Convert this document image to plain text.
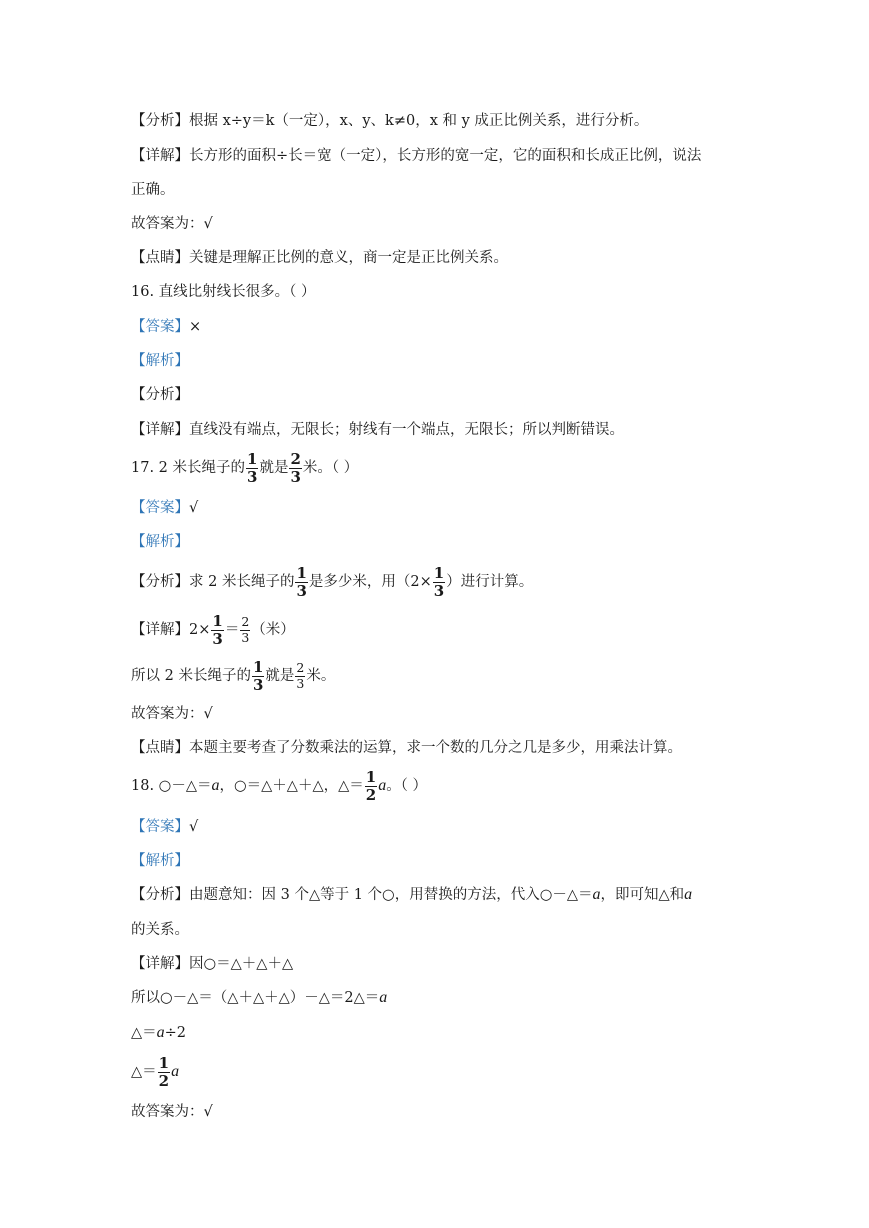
【分析】根据 x÷y＝k（一定），x、y、k≠0，x 和 y 成正比例关系，进行分析。
【详解】长方形的面积÷长＝宽（一定），长方形的宽一定，它的面积和长成正比例，说法
正确。
故答案为：√
【点睛】关键是理解正比例的意义，商一定是正比例关系。
16. 直线比射线长很多。（ ）
【答案】×
【解析】
【分析】
【详解】直线没有端点，无限长；射线有一个端点，无限长；所以判断错误。
17. 2 米长绳子的 $\frac{1}{3}$ 就是 $\frac{2}{3}$ 米。（ ）
【答案】√
【解析】
【分析】求 2 米长绳子的 $\frac{1}{3}$ 是多少米，用（$2\times \frac{1}{3}$ ）进行计算。
【详解】$2\times \frac{1}{3} = \frac{2}{3}$ （米）
所以 2 米长绳子的 $\frac{1}{3}$ 就是 $\frac{2}{3}$ 米。
故答案为：√
【点睛】本题主要考查了分数乘法的运算，求一个数的几分之几是多少，用乘法计算。
18. ○－△＝a，○＝△＋△＋△，△＝ $\frac{1}{2}$ a。（ ）
【答案】√
【解析】
【分析】由题意知：因 3 个△等于 1 个○，用替换的方法，代入○－△＝a，即可知△和a
的关系。
【详解】因○＝△＋△＋△
所以○－△＝（△＋△＋△）－△＝2△＝a
△＝a÷2
△＝ $\frac{1}{2}$ a
故答案为：√
